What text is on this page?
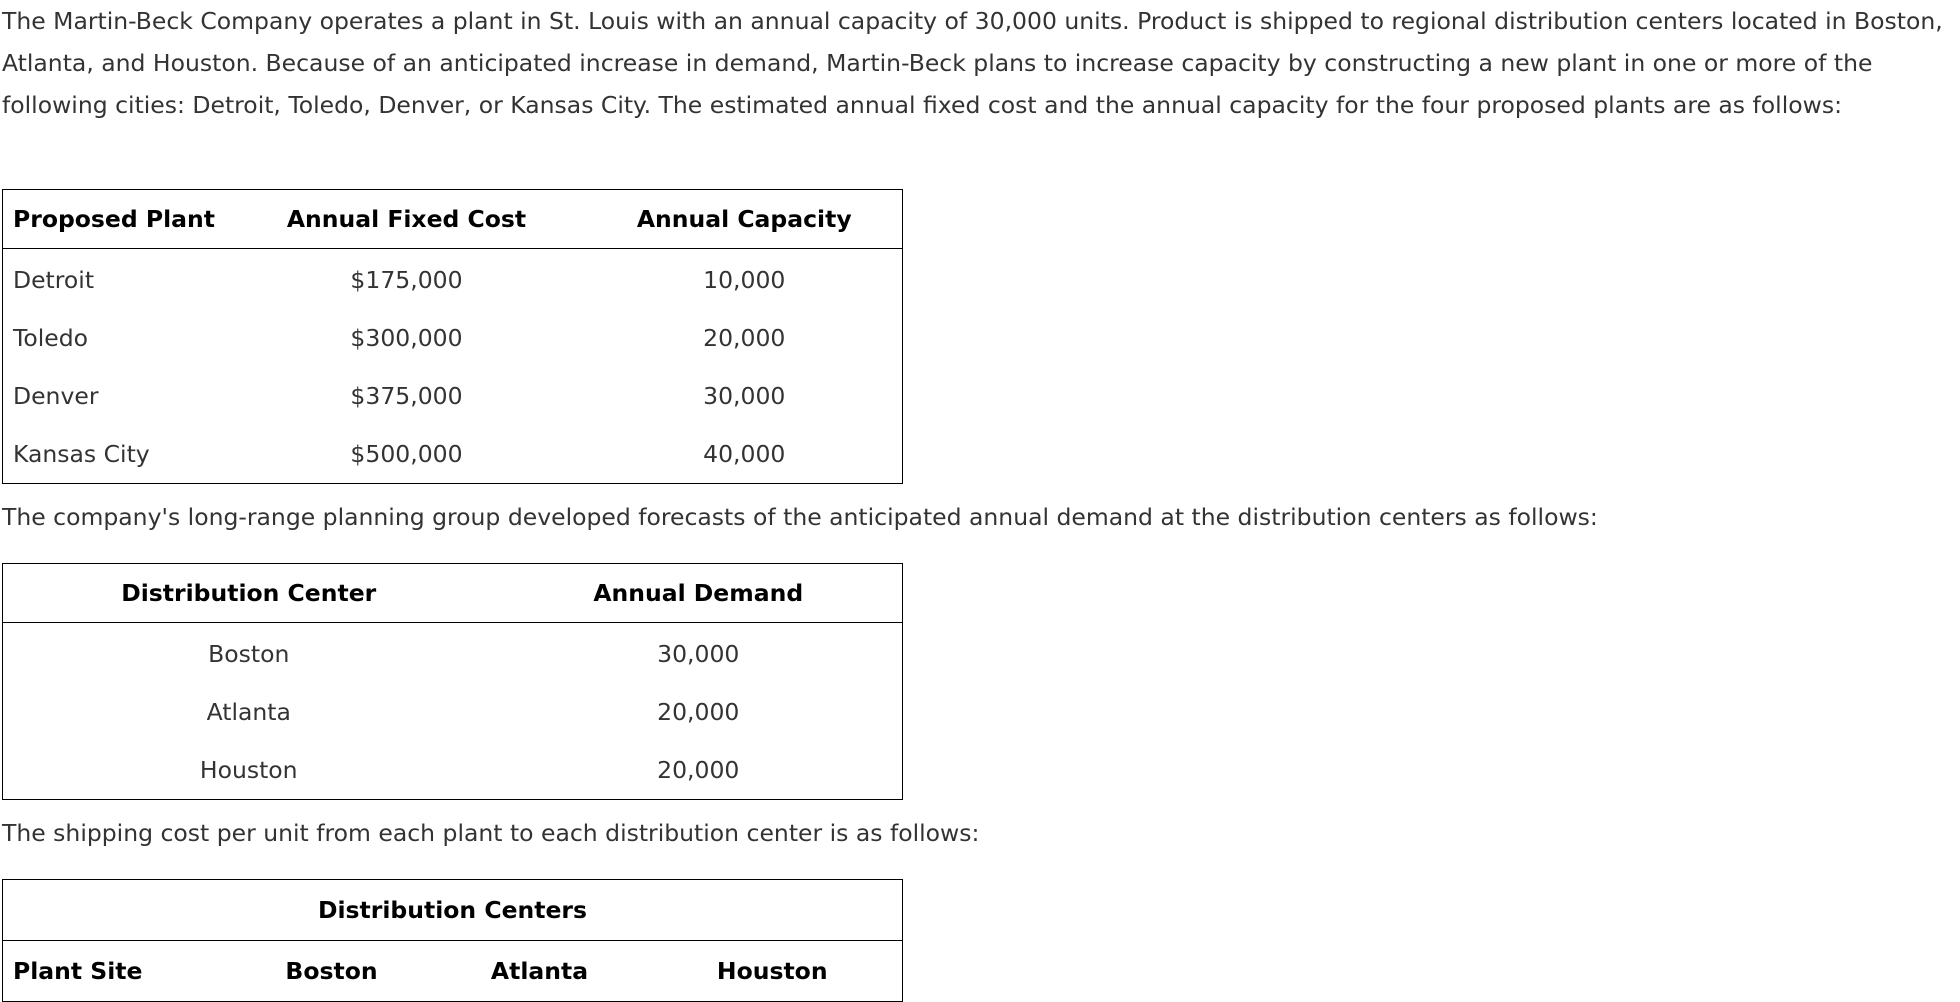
The Martin-Beck Company operates a plant in St. Louis with an annual capacity of 30,000 units. Product is shipped to regional distribution centers located in Boston, Atlanta, and Houston. Because of an anticipated increase in demand, Martin-Beck plans to increase capacity by constructing a new plant in one or more of the following cities: Detroit, Toledo, Denver, or Kansas City. The estimated annual fixed cost and the annual capacity for the four proposed plants are as follows:

Proposed Plant	Annual Fixed Cost	Annual Capacity
Detroit	$175,000	10,000
Toledo	$300,000	20,000
Denver	$375,000	30,000
Kansas City	$500,000	40,000

The company's long-range planning group developed forecasts of the anticipated annual demand at the distribution centers as follows:

Distribution Center	Annual Demand
Boston	30,000
Atlanta	20,000
Houston	20,000

The shipping cost per unit from each plant to each distribution center is as follows:

Distribution Centers
Plant Site	Boston	Atlanta	Houston
